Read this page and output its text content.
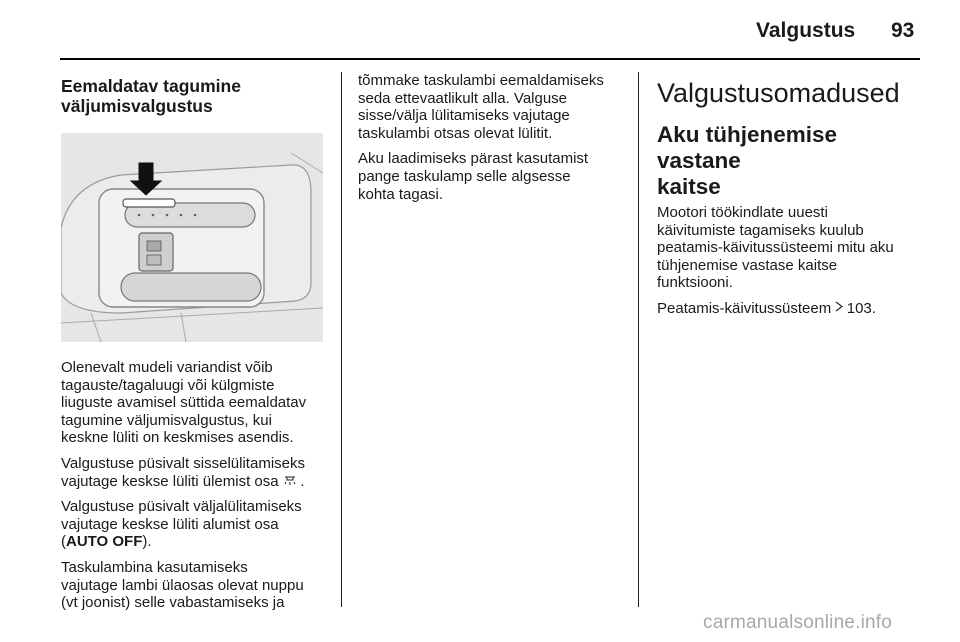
Valgustus 93
Eemaldatav tagumine
väljumisvalgustus

Olenevalt mudeli variandist võib
tagauste/tagaluugi või külgmiste
liuguste avamisel süttida eemaldatav
tagumine väljumisvalgustus, kui
keskne lüliti on keskmises asendis.

Valgustuse püsivalt sisselülitamiseks
vajutage keskse lüliti ülemist osa .

Valgustuse püsivalt väljalülitamiseks
vajutage keskse lüliti alumist osa
(AUTO OFF).

Taskulambina kasutamiseks
vajutage lambi ülaosas olevat nuppu
(vt joonist) selle vabastamiseks ja

tõmmake taskulambi eemaldamiseks
seda ettevaatlikult alla. Valguse
sisse/välja lülitamiseks vajutage
taskulambi otsas olevat lülitit.

Aku laadimiseks pärast kasutamist
pange taskulamp selle algsesse
kohta tagasi.

Valgustusomadused
Aku tühjenemise vastane
kaitse

Mootori töökindlate uuesti
käivitumiste tagamiseks kuulub
peatamis-käivitussüsteemi mitu aku
tühjenemise vastase kaitse
funktsiooni.

Peatamis-käivitussüsteem 103.

carmanualsonline.info
